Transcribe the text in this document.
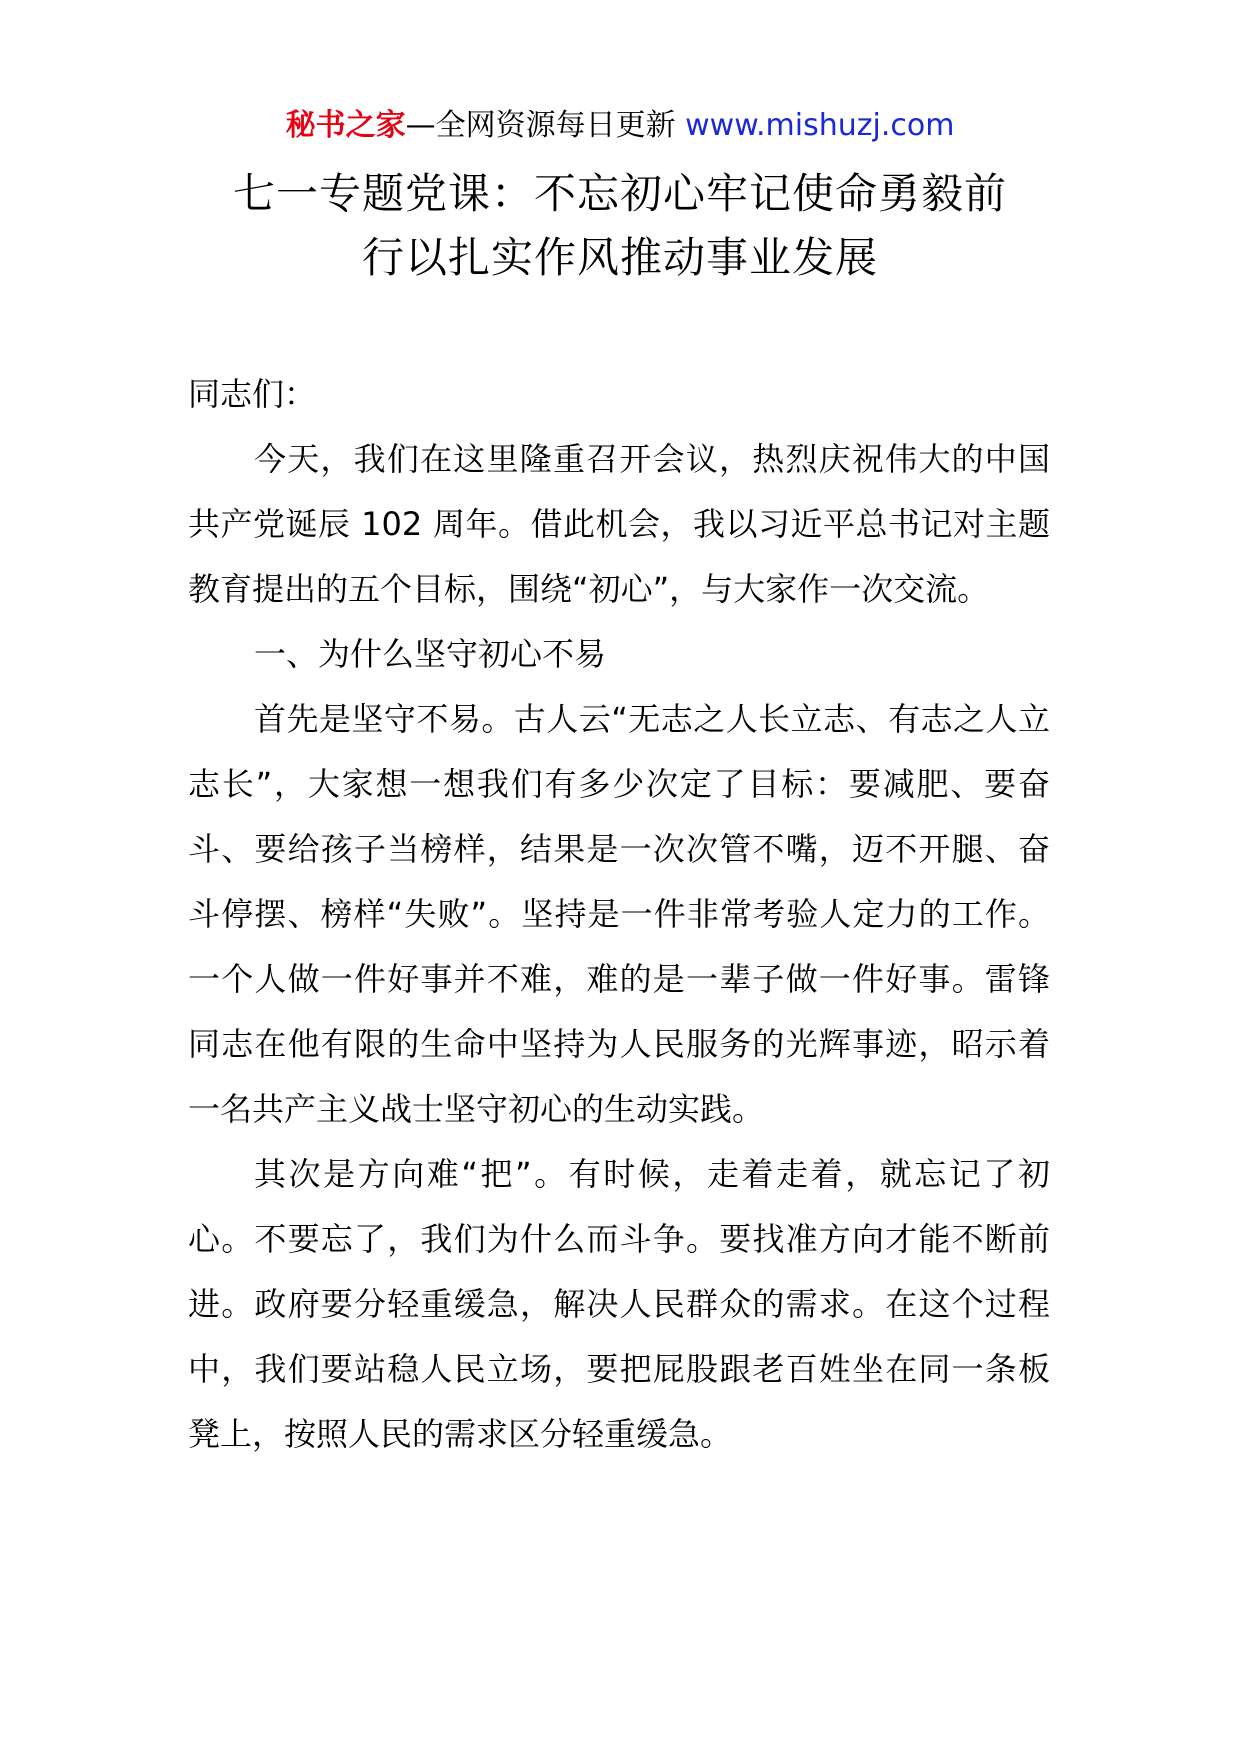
秘书之家—全网资源每日更新 www.mishuzj.com
七一专题党课：不忘初心牢记使命勇毅前
行以扎实作风推动事业发展

同志们：

今天，我们在这里隆重召开会议，热烈庆祝伟大的中国共产党诞辰 102 周年。借此机会，我以习近平总书记对主题教育提出的五个目标，围绕“初心”，与大家作一次交流。

一、为什么坚守初心不易

首先是坚守不易。古人云“无志之人长立志、有志之人立志长”，大家想一想我们有多少次定了目标：要减肥、要奋斗、要给孩子当榜样，结果是一次次管不嘴，迈不开腿、奋斗停摆、榜样“失败”。坚持是一件非常考验人定力的工作。一个人做一件好事并不难，难的是一辈子做一件好事。雷锋同志在他有限的生命中坚持为人民服务的光辉事迹，昭示着一名共产主义战士坚守初心的生动实践。

其次是方向难“把”。有时候，走着走着，就忘记了初心。不要忘了，我们为什么而斗争。要找准方向才能不断前进。政府要分轻重缓急，解决人民群众的需求。在这个过程中，我们要站稳人民立场，要把屁股跟老百姓坐在同一条板凳上，按照人民的需求区分轻重缓急。
